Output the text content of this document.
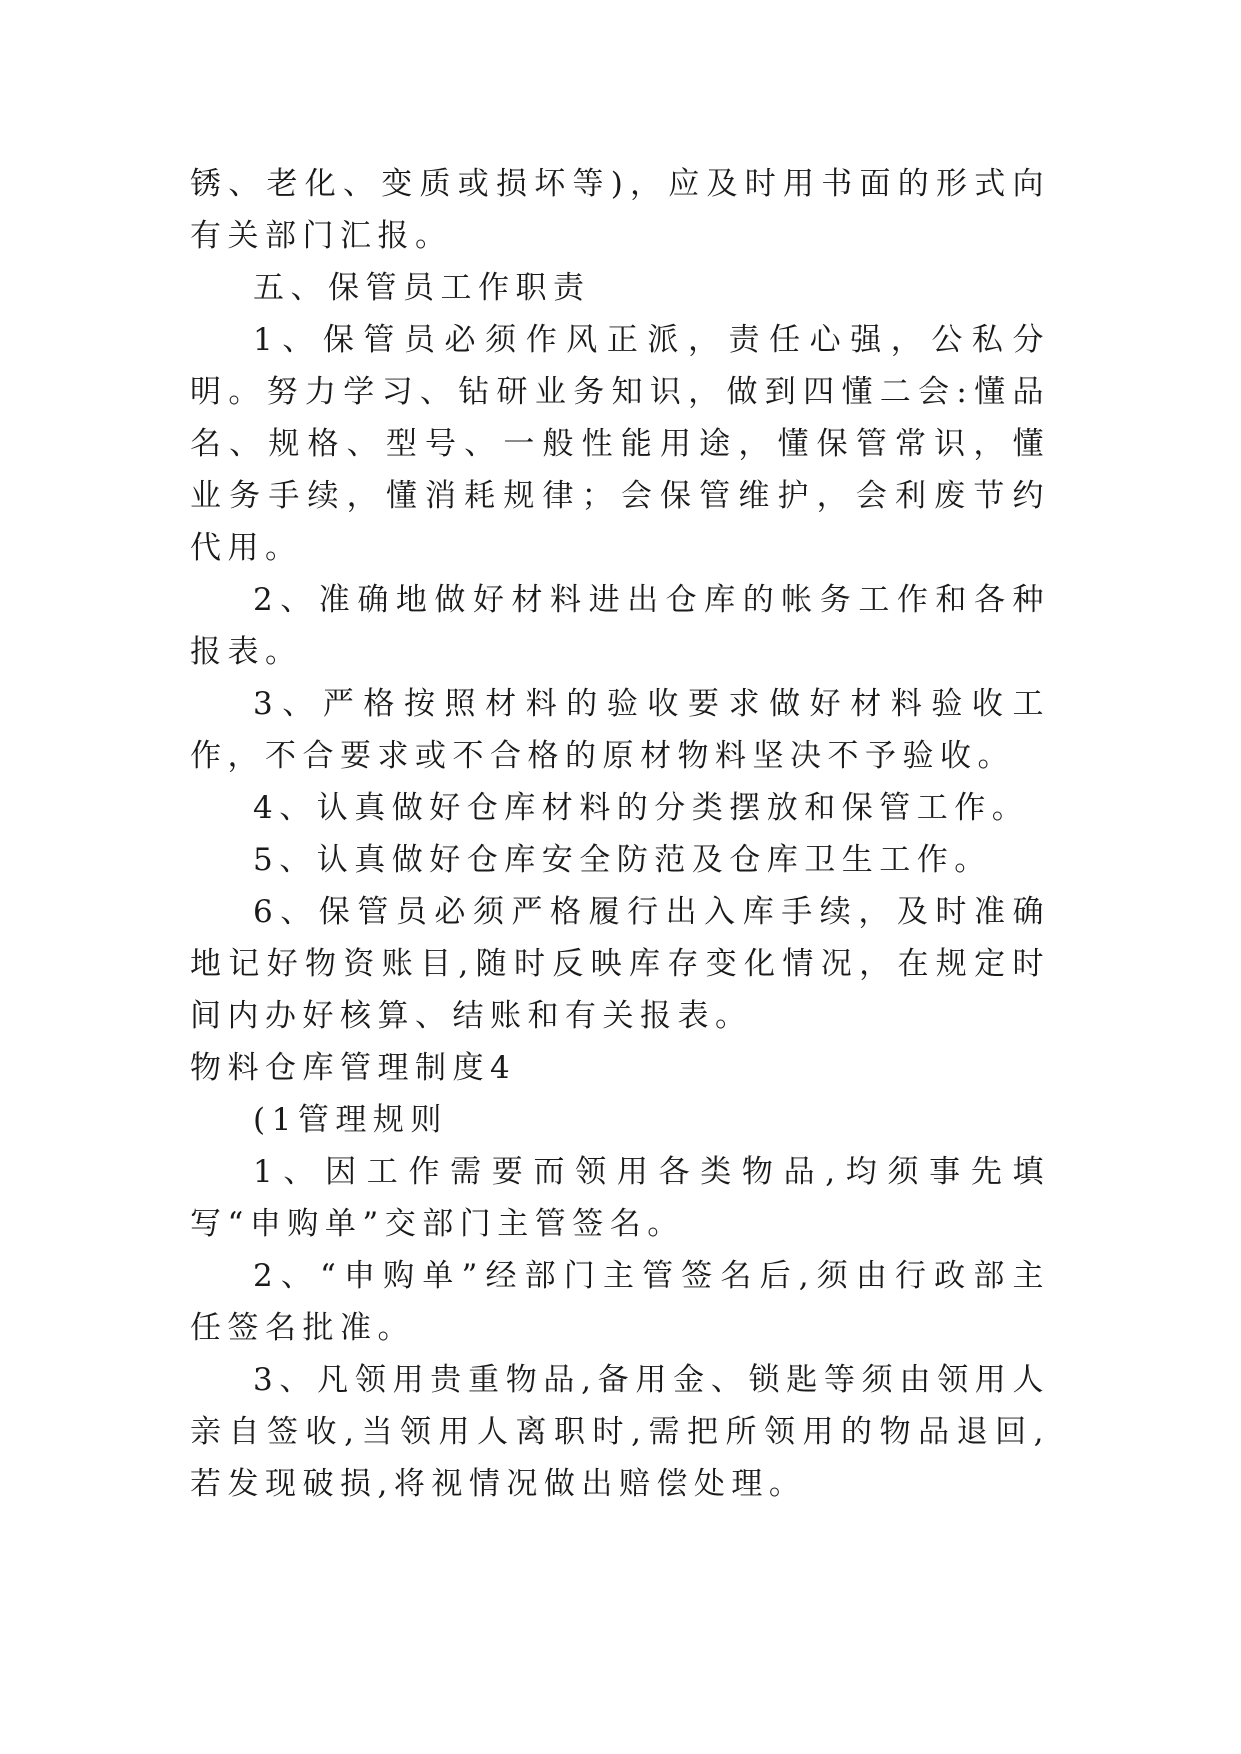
锈、老化、变质或损坏等)，应及时用书面的形式向有关部门汇报。

五、保管员工作职责

1、保管员必须作风正派，责任心强，公私分明。努力学习、钻研业务知识，做到四懂二会:懂品名、规格、型号、一般性能用途，懂保管常识，懂业务手续，懂消耗规律；会保管维护，会利废节约代用。

2、准确地做好材料进出仓库的帐务工作和各种报表。

3、严格按照材料的验收要求做好材料验收工作，不合要求或不合格的原材物料坚决不予验收。

4、认真做好仓库材料的分类摆放和保管工作。

5、认真做好仓库安全防范及仓库卫生工作。

6、保管员必须严格履行出入库手续，及时准确地记好物资账目,随时反映库存变化情况，在规定时间内办好核算、结账和有关报表。

物料仓库管理制度4

(1管理规则

1、因工作需要而领用各类物品,均须事先填写“申购单”交部门主管签名。

2、“申购单”经部门主管签名后,须由行政部主任签名批准。

3、凡领用贵重物品,备用金、锁匙等须由领用人亲自签收,当领用人离职时,需把所领用的物品退回,若发现破损,将视情况做出赔偿处理。
